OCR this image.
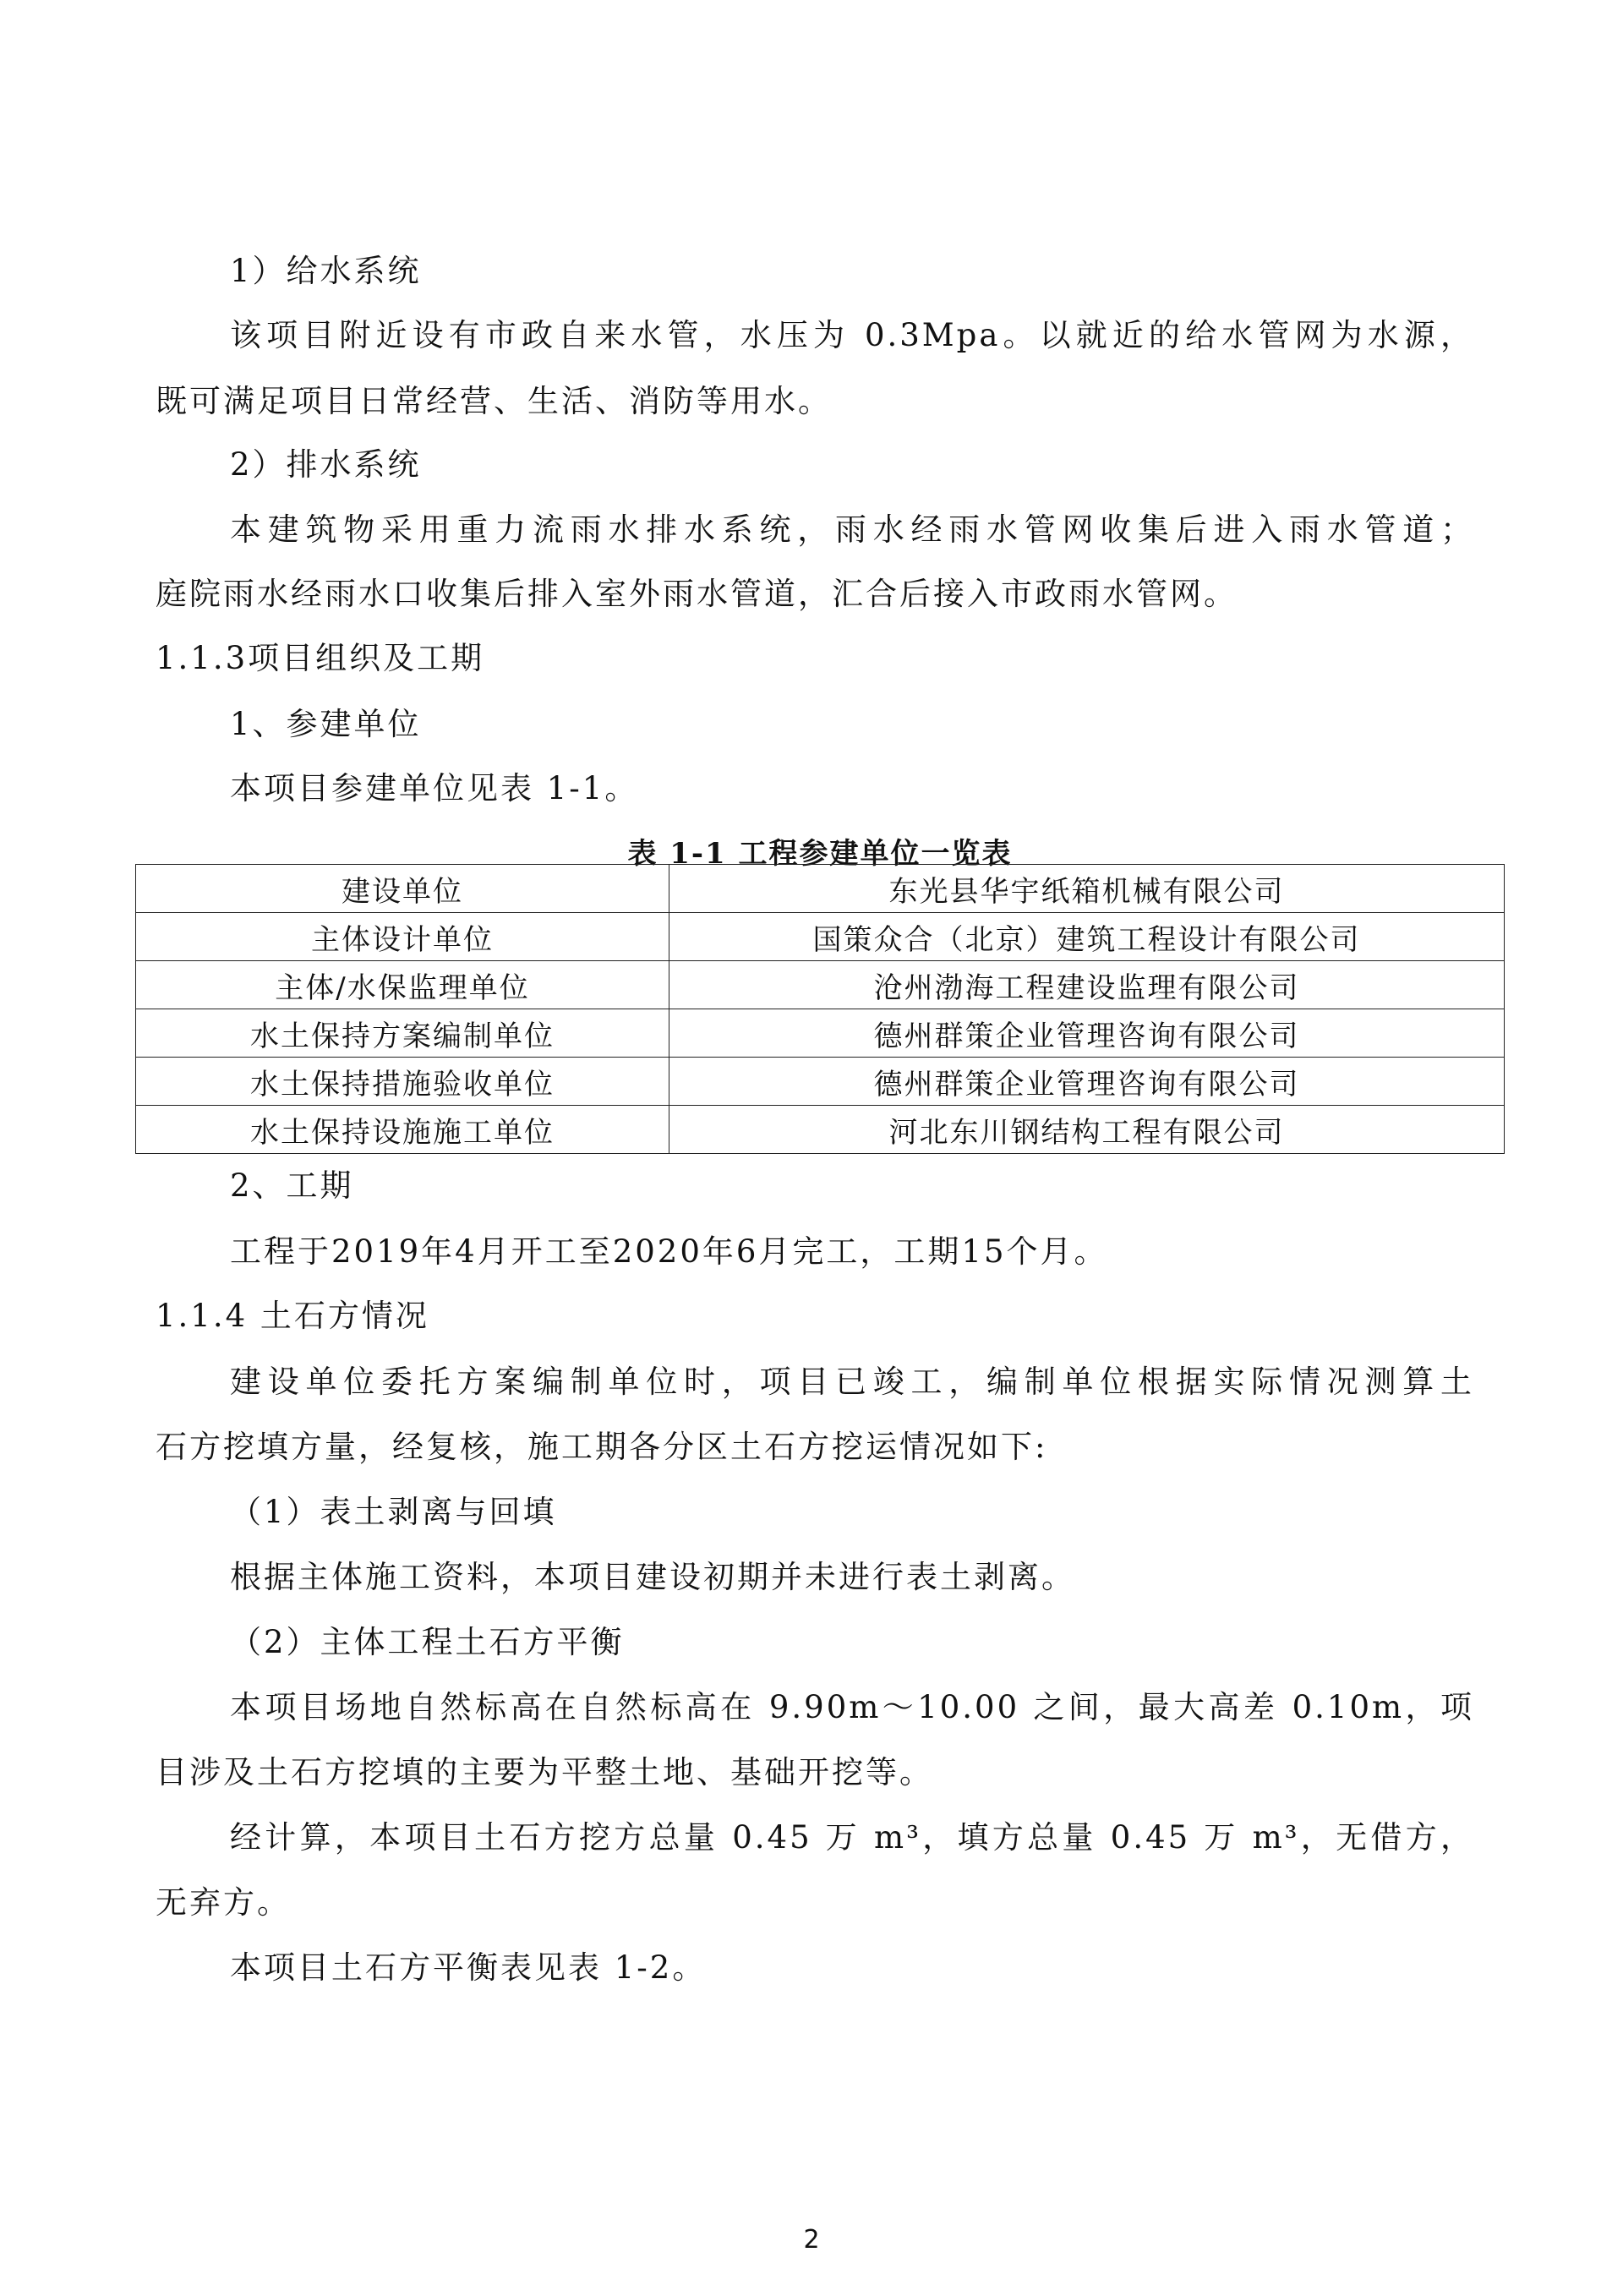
1）给水系统
该项目附近设有市政自来水管，水压为 0.3Mpa。以就近的给水管网为水源，
既可满足项目日常经营、生活、消防等用水。
2）排水系统
本建筑物采用重力流雨水排水系统，雨水经雨水管网收集后进入雨水管道；
庭院雨水经雨水口收集后排入室外雨水管道，汇合后接入市政雨水管网。
1.1.3项目组织及工期
1、参建单位
本项目参建单位见表 1-1。
表 1-1 工程参建单位一览表
建设单位	东光县华宇纸箱机械有限公司
主体设计单位	国策众合（北京）建筑工程设计有限公司
主体/水保监理单位	沧州渤海工程建设监理有限公司
水土保持方案编制单位	德州群策企业管理咨询有限公司
水土保持措施验收单位	德州群策企业管理咨询有限公司
水土保持设施施工单位	河北东川钢结构工程有限公司
2、工期
工程于2019年4月开工至2020年6月完工，工期15个月。
1.1.4 土石方情况
建设单位委托方案编制单位时，项目已竣工，编制单位根据实际情况测算土
石方挖填方量，经复核，施工期各分区土石方挖运情况如下:
（1）表土剥离与回填
根据主体施工资料，本项目建设初期并未进行表土剥离。
（2）主体工程土石方平衡
本项目场地自然标高在自然标高在 9.90m～10.00 之间，最大高差 0.10m，项
目涉及土石方挖填的主要为平整土地、基础开挖等。
经计算，本项目土石方挖方总量 0.45 万 m³，填方总量 0.45 万 m³，无借方，
无弃方。
本项目土石方平衡表见表 1-2。
2
